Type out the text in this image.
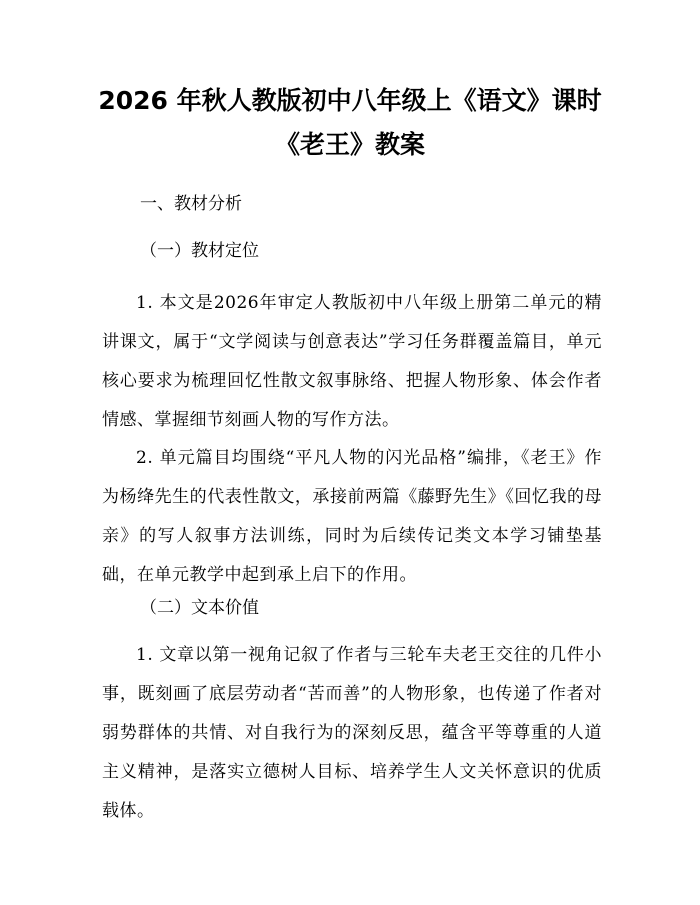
2026 年秋人教版初中八年级上《语文》课时
《老王》教案
一、教材分析
（一）教材定位
1. 本文是2026年审定人教版初中八年级上册第二单元的精讲课文，属于“文学阅读与创意表达”学习任务群覆盖篇目，单元核心要求为梳理回忆性散文叙事脉络、把握人物形象、体会作者情感、掌握细节刻画人物的写作方法。
2. 单元篇目均围绕“平凡人物的闪光品格”编排，《老王》作为杨绛先生的代表性散文，承接前两篇《藤野先生》《回忆我的母亲》的写人叙事方法训练，同时为后续传记类文本学习铺垫基础，在单元教学中起到承上启下的作用。
（二）文本价值
1. 文章以第一视角记叙了作者与三轮车夫老王交往的几件小事，既刻画了底层劳动者“苦而善”的人物形象，也传递了作者对弱势群体的共情、对自我行为的深刻反思，蕴含平等尊重的人道主义精神，是落实立德树人目标、培养学生人文关怀意识的优质载体。
